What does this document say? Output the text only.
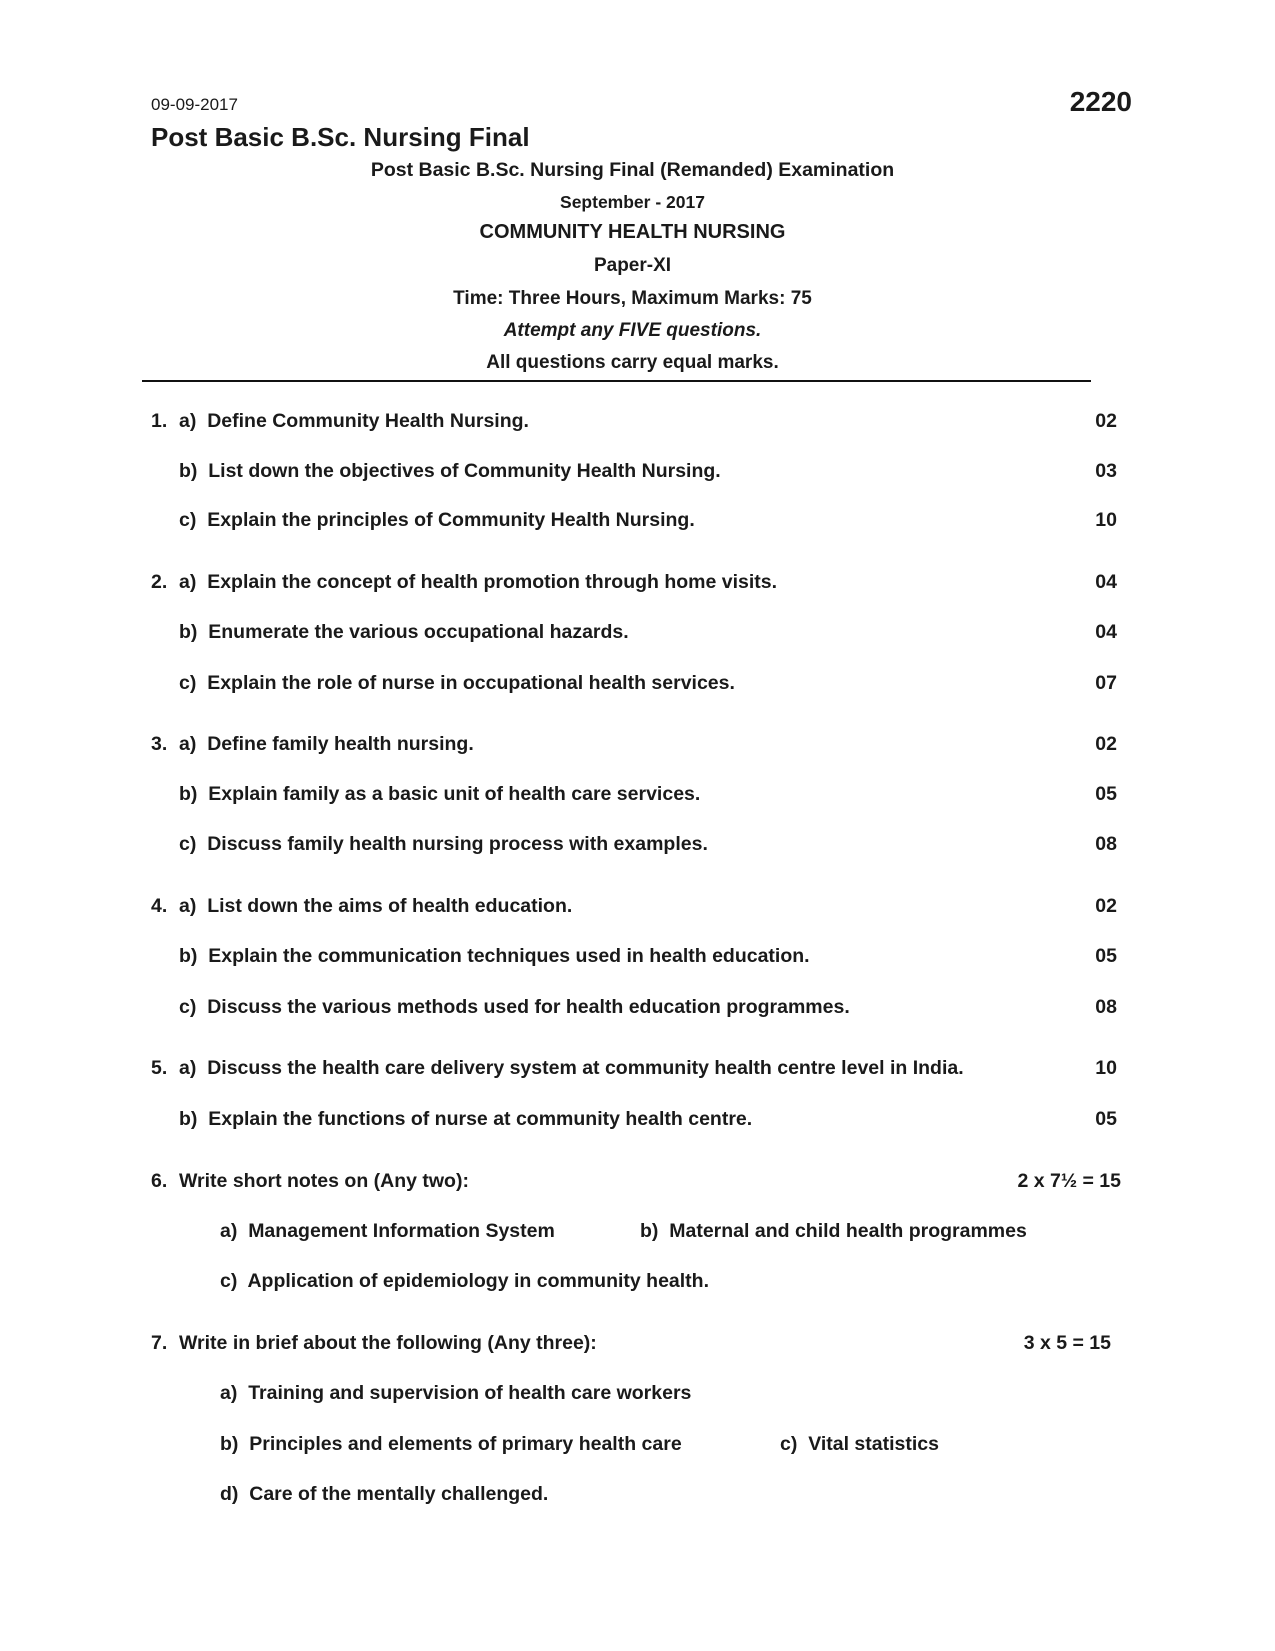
09-09-2017	2220
Post Basic B.Sc. Nursing Final
Post Basic B.Sc. Nursing Final (Remanded) Examination
September - 2017
COMMUNITY HEALTH NURSING
Paper-XI
Time: Three Hours, Maximum Marks: 75
Attempt any FIVE questions.
All questions carry equal marks.
1. a) Define Community Health Nursing.	02
b) List down the objectives of Community Health Nursing.	03
c) Explain the principles of Community Health Nursing.	10
2. a) Explain the concept of health promotion through home visits.	04
b) Enumerate the various occupational hazards.	04
c) Explain the role of nurse in occupational health services.	07
3. a) Define family health nursing.	02
b) Explain family as a basic unit of health care services.	05
c) Discuss family health nursing process with examples.	08
4. a) List down the aims of health education.	02
b) Explain the communication techniques used in health education.	05
c) Discuss the various methods used for health education programmes.	08
5. a) Discuss the health care delivery system at community health centre level in India.	10
b) Explain the functions of nurse at community health centre.	05
6. Write short notes on (Any two):	2 x 7½ = 15
a) Management Information System	b) Maternal and child health programmes
c) Application of epidemiology in community health.
7. Write in brief about the following (Any three):	3 x 5 = 15
a) Training and supervision of health care workers
b) Principles and elements of primary health care	c) Vital statistics
d) Care of the mentally challenged.
